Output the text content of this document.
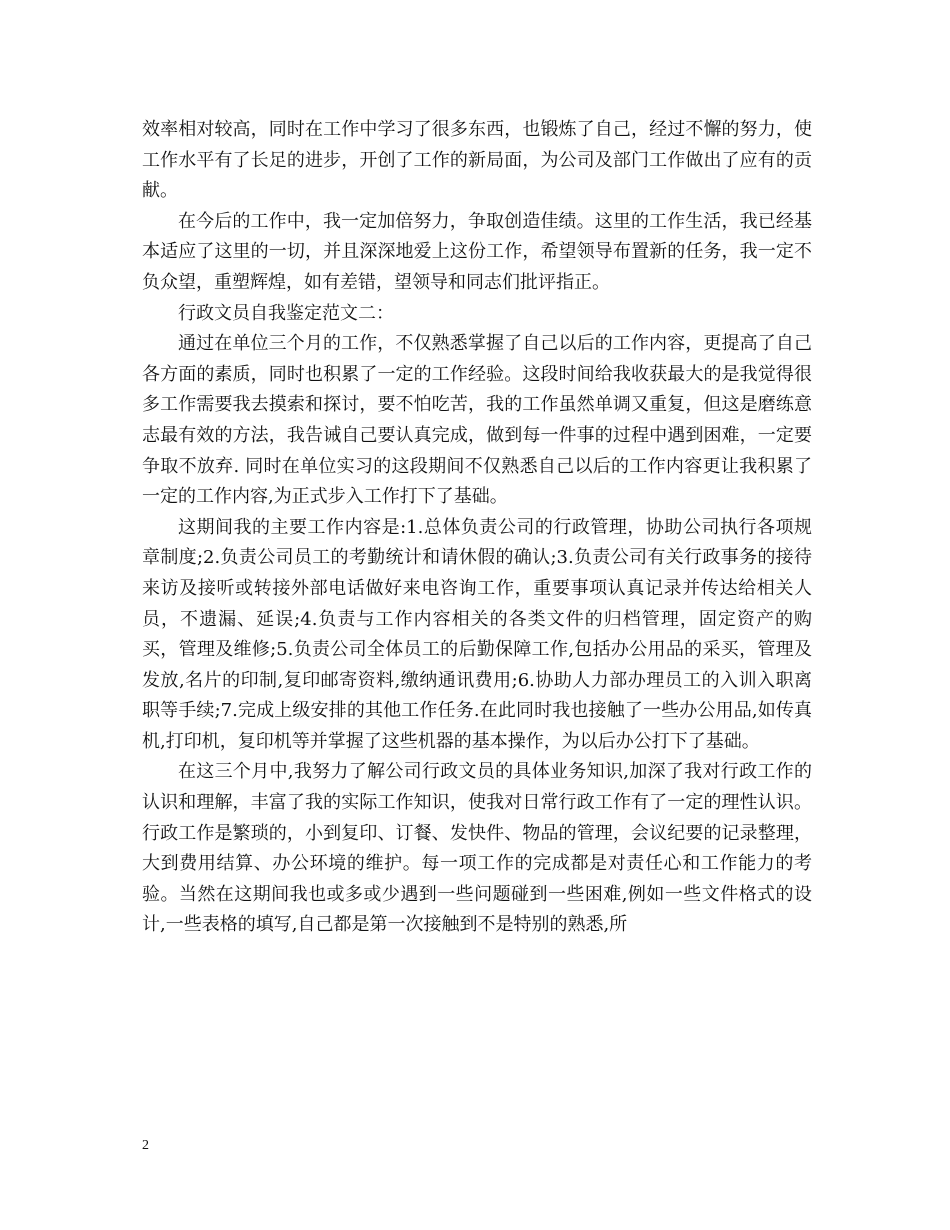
效率相对较高，同时在工作中学习了很多东西，也锻炼了自己，经过不懈的努力，使工作水平有了长足的进步，开创了工作的新局面，为公司及部门工作做出了应有的贡献。

在今后的工作中，我一定加倍努力，争取创造佳绩。这里的工作生活，我已经基本适应了这里的一切，并且深深地爱上这份工作，希望领导布置新的任务，我一定不负众望，重塑辉煌，如有差错，望领导和同志们批评指正。

行政文员自我鉴定范文二：

通过在单位三个月的工作，不仅熟悉掌握了自己以后的工作内容，更提高了自己各方面的素质，同时也积累了一定的工作经验。这段时间给我收获最大的是我觉得很多工作需要我去摸索和探讨，要不怕吃苦，我的工作虽然单调又重复，但这是磨练意志最有效的方法，我告诫自己要认真完成，做到每一件事的过程中遇到困难，一定要争取不放弃. 同时在单位实习的这段期间不仅熟悉自己以后的工作内容更让我积累了一定的工作内容,为正式步入工作打下了基础。

这期间我的主要工作内容是:1.总体负责公司的行政管理，协助公司执行各项规章制度;2.负责公司员工的考勤统计和请休假的确认;3.负责公司有关行政事务的接待来访及接听或转接外部电话做好来电咨询工作，重要事项认真记录并传达给相关人员，不遗漏、延误;4.负责与工作内容相关的各类文件的归档管理，固定资产的购买，管理及维修;5.负责公司全体员工的后勤保障工作,包括办公用品的采买，管理及发放,名片的印制,复印邮寄资料,缴纳通讯费用;6.协助人力部办理员工的入训入职离职等手续;7.完成上级安排的其他工作任务.在此同时我也接触了一些办公用品,如传真机,打印机，复印机等并掌握了这些机器的基本操作，为以后办公打下了基础。

在这三个月中,我努力了解公司行政文员的具体业务知识,加深了我对行政工作的认识和理解，丰富了我的实际工作知识，使我对日常行政工作有了一定的理性认识。行政工作是繁琐的，小到复印、订餐、发快件、物品的管理，会议纪要的记录整理，大到费用结算、办公环境的维护。每一项工作的完成都是对责任心和工作能力的考验。当然在这期间我也或多或少遇到一些问题碰到一些困难,例如一些文件格式的设计,一些表格的填写,自己都是第一次接触到不是特别的熟悉,所

2
